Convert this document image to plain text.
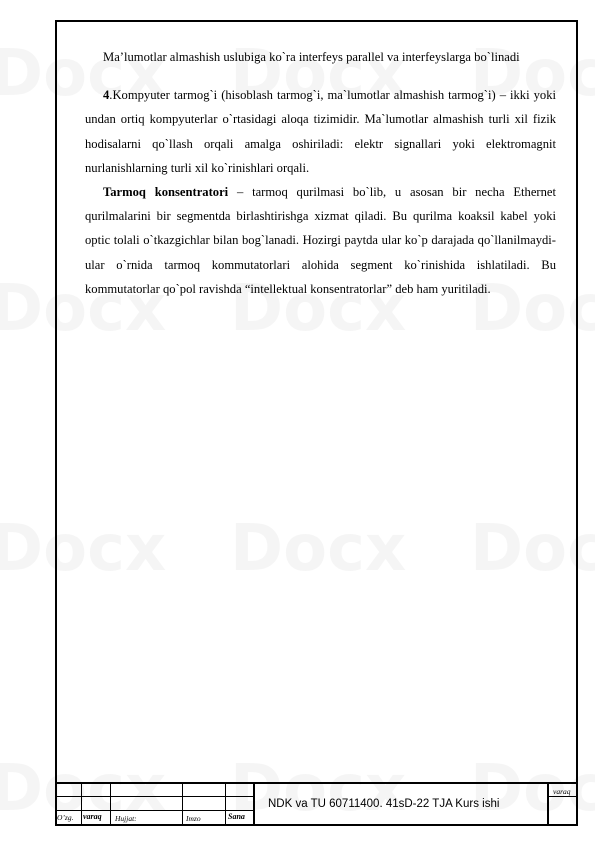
Ma’lumotlar almashish uslubiga ko`ra interfeys parallel va interfeyslarga bo`linadi

4.Kompyuter tarmog`i (hisoblash tarmog`i, ma`lumotlar almashish tarmog`i) – ikki yoki undan ortiq kompyuterlar o`rtasidagi aloqa tizimidir. Ma`lumotlar almashish turli xil fizik hodisalarni qo`llash orqali amalga oshiriladi: elektr signallari yoki elektromagnit nurlanishlarning turli xil ko`rinishlari orqali.

Tarmoq konsentratori – tarmoq qurilmasi bo`lib, u asosan bir necha Ethernet qurilmalarini bir segmentda birlashtirishga xizmat qiladi. Bu qurilma koaksil kabel yoki optic tolali o`tkazgichlar bilan bog`lanadi. Hozirgi paytda ular ko`p darajada qo`llanilmaydi- ular o`rnida tarmoq kommutatorlari alohida segment ko`rinishida ishlatiladi. Bu kommutatorlar qo`pol ravishda “intellektual konsentratorlar” deb ham yuritiladi.

O’zg. varaq Hujjat:	Imzo	Sana
varaq
NDK va TU 60711400. 41sD-22 TJA Kurs ishi
